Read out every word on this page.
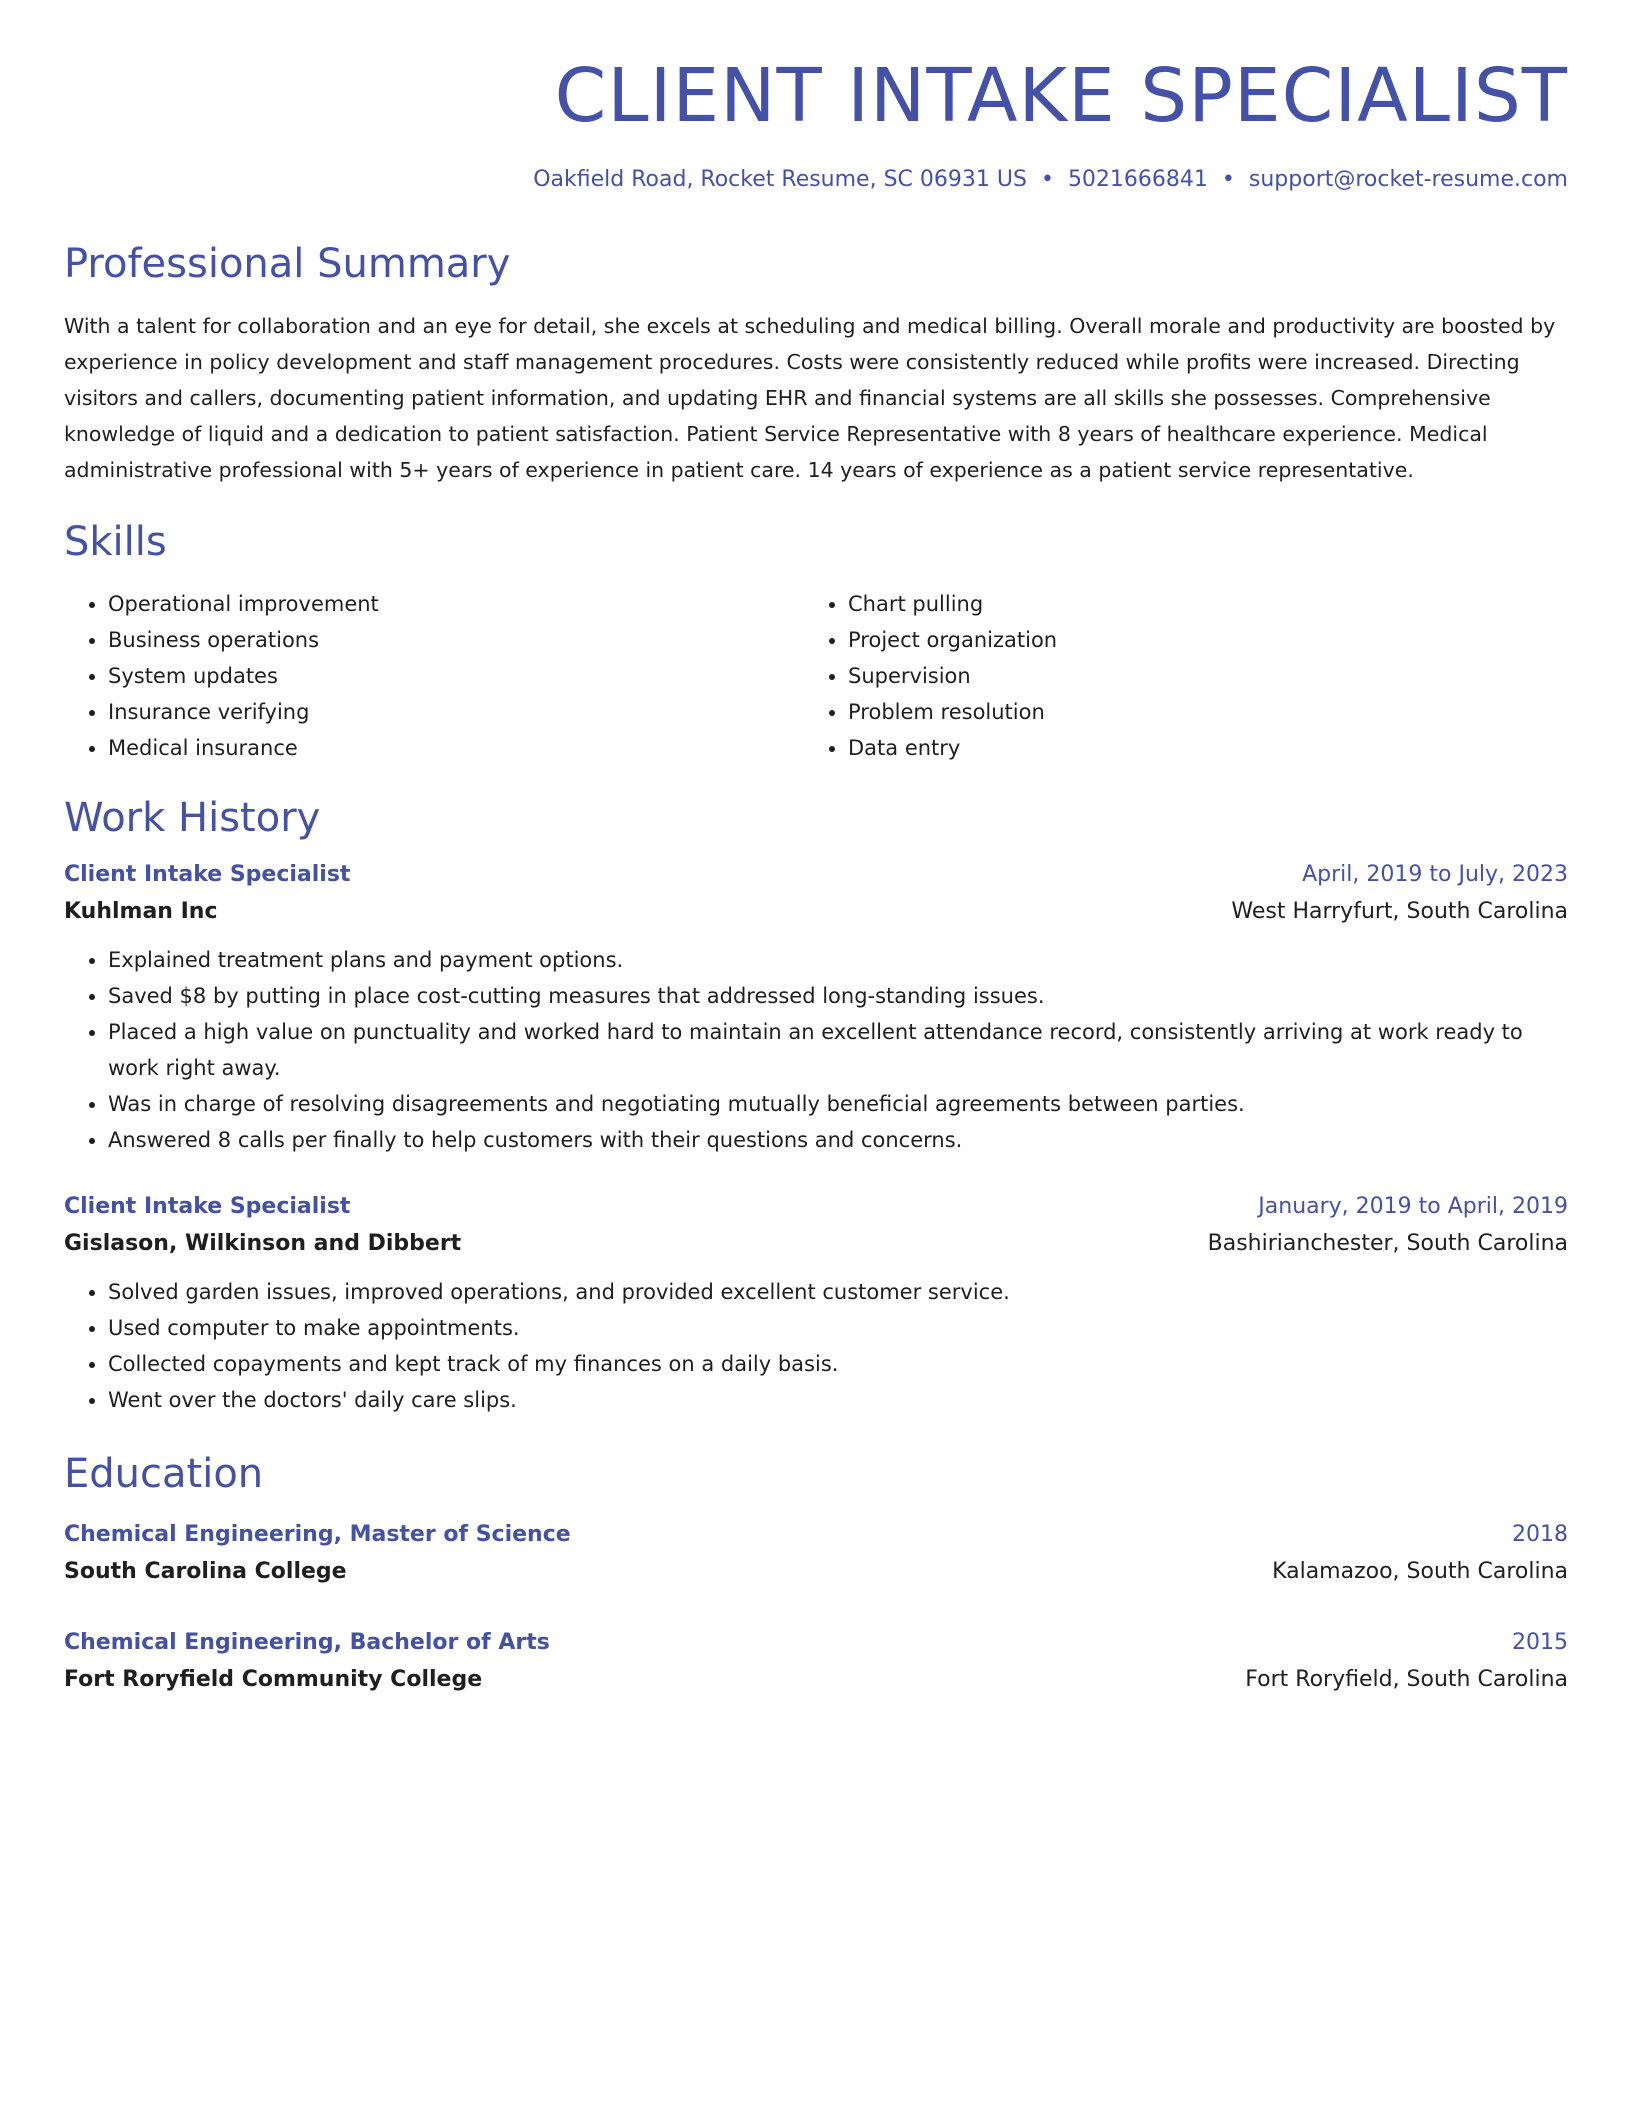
CLIENT INTAKE SPECIALIST
Oakfield Road, Rocket Resume, SC 06931 US • 5021666841 • support@rocket-resume.com
Professional Summary

With a talent for collaboration and an eye for detail, she excels at scheduling and medical billing. Overall morale and productivity are boosted by experience in policy development and staff management procedures. Costs were consistently reduced while profits were increased. Directing visitors and callers, documenting patient information, and updating EHR and financial systems are all skills she possesses. Comprehensive knowledge of liquid and a dedication to patient satisfaction. Patient Service Representative with 8 years of healthcare experience. Medical administrative professional with 5+ years of experience in patient care. 14 years of experience as a patient service representative.

Skills
• Operational improvement
• Business operations
• System updates
• Insurance verifying
• Medical insurance
• Chart pulling
• Project organization
• Supervision
• Problem resolution
• Data entry
Work History
Client Intake Specialist	April, 2019 to July, 2023
Kuhlman Inc	West Harryfurt, South Carolina
• Explained treatment plans and payment options.
• Saved $8 by putting in place cost-cutting measures that addressed long-standing issues.
• Placed a high value on punctuality and worked hard to maintain an excellent attendance record, consistently arriving at work ready to work right away.
• Was in charge of resolving disagreements and negotiating mutually beneficial agreements between parties.
• Answered 8 calls per finally to help customers with their questions and concerns.
Client Intake Specialist	January, 2019 to April, 2019
Gislason, Wilkinson and Dibbert	Bashirianchester, South Carolina
• Solved garden issues, improved operations, and provided excellent customer service.
• Used computer to make appointments.
• Collected copayments and kept track of my finances on a daily basis.
• Went over the doctors' daily care slips.
Education
Chemical Engineering, Master of Science	2018
South Carolina College	Kalamazoo, South Carolina
Chemical Engineering, Bachelor of Arts	2015
Fort Roryfield Community College	Fort Roryfield, South Carolina
